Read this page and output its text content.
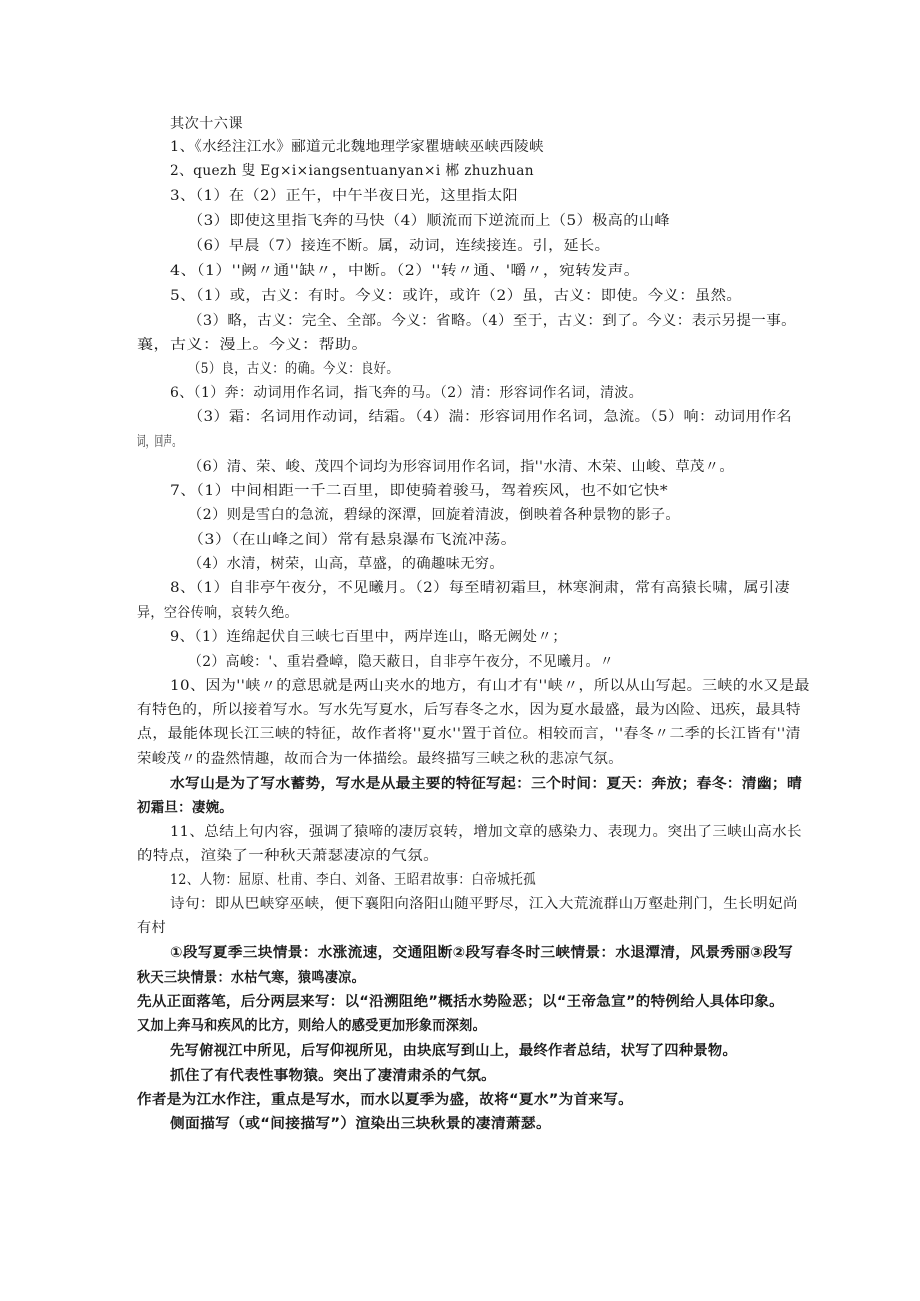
其次十六课
1、《水经注江水》郦道元北魏地理学家瞿塘峡巫峡西陵峡
2、quezh 叟 Eg×i×iangsentuanyan×i 郴 zhuzhuan
3、（1）在（2）正午，中午半夜日光，这里指太阳
（3）即使这里指飞奔的马快（4）顺流而下逆流而上（5）极高的山峰
（6）早晨（7）接连不断。属，动词，连续接连。引，延长。
4、（1）''阙〃通''缺〃，中断。（2）''转〃通、'嚼〃，宛转发声。
5、（1）或，古义：有时。今义：或许，或许（2）虽，古义：即使。今义：虽然。
（3）略，古义：完全、全部。今义：省略。（4）至于，古义：到了。今义：表示另提一事。
襄，古义：漫上。今义：帮助。
（5）良，古义：的确。今义：良好。
6、（1）奔：动词用作名词，指飞奔的马。（2）清：形容词作名词，清波。
（3）霜：名词用作动词，结霜。（4）湍：形容词用作名词，急流。（5）响：动词用作名
词，回声。
（6）清、荣、峻、茂四个词均为形容词用作名词，指''水清、木荣、山峻、草茂〃。
7、（1）中间相距一千二百里，即使骑着骏马，驾着疾风，也不如它快*
（2）则是雪白的急流，碧绿的深潭，回旋着清波，倒映着各种景物的影子。
（3）（在山峰之间）常有悬泉瀑布飞流冲荡。
（4）水清，树荣，山高，草盛，的确趣味无穷。
8、（1）自非亭午夜分，不见曦月。（2）每至晴初霜旦，林寒涧肃，常有高猿长啸，属引凄
异，空谷传响，哀转久绝。
9、（1）连绵起伏自三峡七百里中，两岸连山，略无阙处〃；
（2）高峻：'、重岩叠嶂，隐天蔽日，自非亭午夜分，不见曦月。〃
10、因为''峡〃的意思就是两山夹水的地方，有山才有''峡〃，所以从山写起。三峡的水又是最
有特色的，所以接着写水。写水先写夏水，后写春冬之水，因为夏水最盛，最为凶险、迅疾，最具特
点，最能体现长江三峡的特征，故作者将''夏水''置于首位。相较而言，''春冬〃二季的长江皆有''清
荣峻茂〃的盎然情趣，故而合为一体描绘。最终描写三峡之秋的悲凉气氛。
水写山是为了写水蓄势，写水是从最主要的特征写起：三个时间：夏天：奔放；春冬：清幽；晴
初霜旦：凄婉。
11、总结上句内容，强调了猿啼的凄厉哀转，增加文章的感染力、表现力。突出了三峡山高水长
的特点，渲染了一种秋天萧瑟凄凉的气氛。
12、人物：屈原、杜甫、李白、刘备、王昭君故事：白帝城托孤
诗句：即从巴峡穿巫峡，便下襄阳向洛阳山随平野尽，江入大荒流群山万壑赴荆门，生长明妃尚
有村
①段写夏季三块情景：水涨流速，交通阻断②段写春冬时三峡情景：水退潭清，风景秀丽③段写
秋天三块情景：水枯气寒，猿鸣凄凉。
先从正面落笔，后分两层来写：以“沿溯阻绝”概括水势险恶；以“王帝急宣”的特例给人具体印象。
又加上奔马和疾风的比方，则给人的感受更加形象而深刻。
先写俯视江中所见，后写仰视所见，由块底写到山上，最终作者总结，状写了四种景物。
抓住了有代表性事物猿。突出了凄清肃杀的气氛。
作者是为江水作注，重点是写水，而水以夏季为盛，故将“夏水”为首来写。
侧面描写（或“间接描写”）渲染出三块秋景的凄清萧瑟。
